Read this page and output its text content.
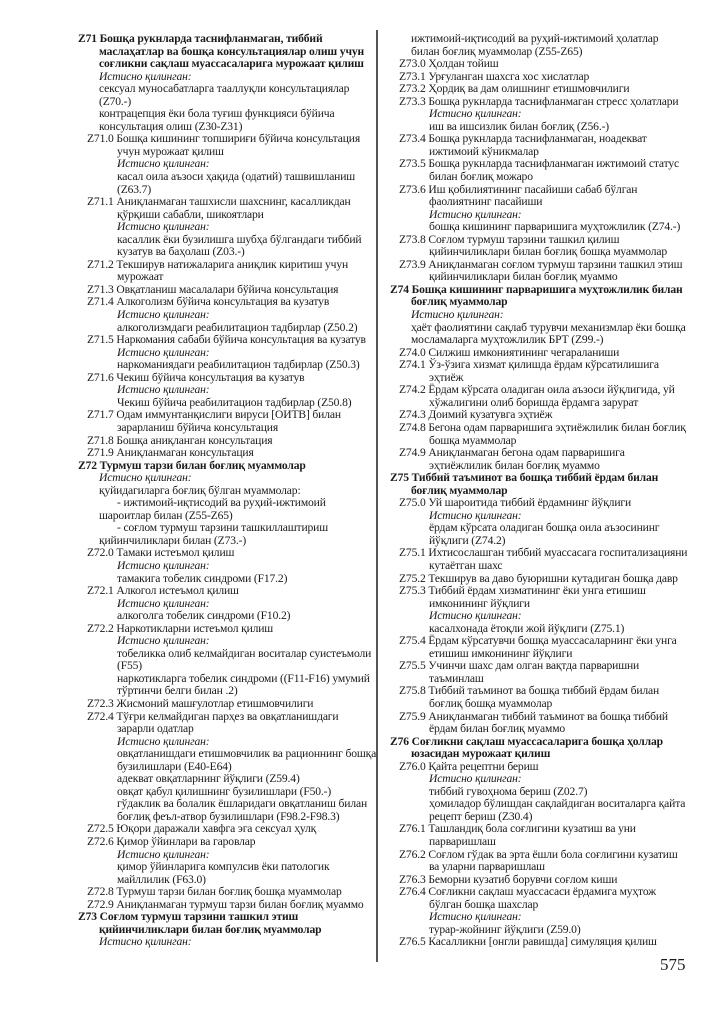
Z71 Бошқа рукнларда таснифланмаган, тиббий
маслаҳатлар ва бошқа консультациялар олиш учун
соғликни сақлаш муассасаларига мурожаат қилиш
Истисно қилинган:
сексуал муносабатларга тааллуқли консультациялар
(Z70.-)
контрацепция ёки бола туғиш функцияси бўйича
консультация олиш (Z30-Z31)
Z71.0 Бошқа кишининг топшириғи бўйича консультация
учун мурожаат қилиш
Истисно қилинган:
касал оила аъзоси ҳақида (одатий) ташвишланиш
(Z63.7)
Z71.1 Аниқланмаган ташхисли шахснинг, касалликдан
қўрқиши сабабли, шикоятлари
Истисно қилинган:
касаллик ёки бузилишга шубҳа бўлгандаги тиббий
кузатув ва баҳолаш (Z03.-)
Z71.2 Текширув натижаларига аниқлик киритиш учун
мурожаат
Z71.3 Овқатланиш масалалари бўйича консультация
Z71.4 Алкоголизм бўйича консультация ва кузатув
Истисно қилинган:
алкоголизмдаги реабилитацион тадбирлар (Z50.2)
Z71.5 Наркомания сабаби бўйича консультация ва кузатув
Истисно қилинган:
наркоманиядаги реабилитацион тадбирлар (Z50.3)
Z71.6 Чекиш бўйича консультация ва кузатув
Истисно қилинган:
Чекиш бўйича реабилитацион тадбирлар (Z50.8)
Z71.7 Одам иммунтанқислиги вируси [ОИТВ] билан
зарарланиш бўйича консультация
Z71.8 Бошқа аниқланган консультация
Z71.9 Аниқланмаган консультация
Z72 Турмуш тарзи билан боғлиқ муаммолар
Истисно қилинган:
қуйидагиларга боғлиқ бўлган муаммолар:
- ижтимоий-иқтисодий ва руҳий-ижтимоий
шароитлар билан (Z55-Z65)
- соғлом турмуш тарзини ташкиллаштириш
қийинчиликлари билан (Z73.-)
Z72.0 Тамаки истеъмол қилиш
Истисно қилинган:
тамакига тобелик синдроми (F17.2)
Z72.1 Алкогол истеъмол қилиш
Истисно қилинган:
алкоголга тобелик синдроми (F10.2)
Z72.2 Наркотикларни истеъмол қилиш
Истисно қилинган:
тобеликка олиб келмайдиган воситалар суистеъмоли
(F55)
наркотикларга тобелик синдроми ((F11-F16) умумий
тўртинчи белги билан .2)
Z72.3 Жисмоний машғулотлар етишмовчилиги
Z72.4 Тўғри келмайдиган парҳез ва овқатланишдаги
зарарли одатлар
Истисно қилинган:
овқатланишдаги етишмовчилик ва рационнинг бошқа
бузилишлари (E40-E64)
адекват овқатларнинг йўқлиги (Z59.4)
овқат қабул қилишнинг бузилишлари (F50.-)
гўдаклик ва болалик ёшларидаги овқатланиш билан
боғлиқ феъл-атвор бузилишлари (F98.2-F98.3)
Z72.5 Юқори даражали хавфга эга сексуал ҳулқ
Z72.6 Қимор ўйинлари ва гаровлар
Истисно қилинган:
қимор ўйинларига компулсив ёки патологик
майллилик (F63.0)
Z72.8 Турмуш тарзи билан боғлиқ бошқа муаммолар
Z72.9 Аниқланмаган турмуш тарзи билан боғлиқ муаммо
Z73 Соғлом турмуш тарзини ташкил этиш
қийинчиликлари билан боғлиқ муаммолар
Истисно қилинган:
ижтимоий-иқтисодий ва руҳий-ижтимоий ҳолатлар
билан боғлиқ муаммолар (Z55-Z65)
Z73.0 Ҳолдан тойиш
Z73.1 Урғуланган шахсга хос хислатлар
Z73.2 Ҳордиқ ва дам олишнинг етишмовчилиги
Z73.3 Бошқа рукнларда таснифланмаган стресс ҳолатлари
Истисно қилинган:
иш ва ишсизлик билан боғлиқ (Z56.-)
Z73.4 Бошқа рукнларда таснифланмаган, ноадекват
ижтимоий кўникмалар
Z73.5 Бошқа рукнларда таснифланмаган ижтимоий статус
билан боғлиқ можаро
Z73.6 Иш қобилиятининг пасайиши сабаб бўлган
фаолиятнинг пасайиши
Истисно қилинган:
бошқа кишининг парваришига муҳтожлилик (Z74.-)
Z73.8 Соғлом турмуш тарзини ташкил қилиш
қийинчиликлари билан боғлиқ бошқа муаммолар
Z73.9 Аниқланмаган соғлом турмуш тарзини ташкил этиш
қийинчиликлари билан боғлиқ муаммо
Z74 Бошқа кишининг парваришига муҳтожлилик билан
боғлиқ муаммолар
Истисно қилинган:
ҳаёт фаолиятини сақлаб турувчи механизмлар ёки бошқа
мосламаларга муҳтожлилик БРТ (Z99.-)
Z74.0 Силжиш имкониятининг чегараланиши
Z74.1 Ўз-ўзига хизмат қилишда ёрдам кўрсатилишига
эҳтиёж
Z74.2 Ёрдам кўрсата оладиган оила аъзоси йўқлигида, уй
хўжалигини олиб боришда ёрдамга зарурат
Z74.3 Доимий кузатувга эҳтиёж
Z74.8 Бегона одам парваришига эҳтиёжлилик билан боғлиқ
бошқа муаммолар
Z74.9 Аниқланмаган бегона одам парваришига
эҳтиёжлилик билан боғлиқ муаммо
Z75 Тиббий таъминот ва бошқа тиббий ёрдам билан
боғлиқ муаммолар
Z75.0 Уй шароитида тиббий ёрдамнинг йўқлиги
Истисно қилинган:
ёрдам кўрсата оладиган бошқа оила аъзосининг
йўқлиги (Z74.2)
Z75.1 Ихтисослашган тиббий муассасага госпитализацияни
кутаётган шахс
Z75.2 Текширув ва даво буюришни кутадиган бошқа давр
Z75.3 Тиббий ёрдам хизматининг ёки унга етишиш
имконининг йўқлиги
Истисно қилинган:
касалхонада ётоқли жой йўқлиги (Z75.1)
Z75.4 Ёрдам кўрсатувчи бошқа муассасаларнинг ёки унга
етишиш имконининг йўқлиги
Z75.5 Учинчи шахс дам олган вақтда парваришни
таъминлаш
Z75.8 Тиббий таъминот ва бошқа тиббий ёрдам билан
боғлиқ бошқа муаммолар
Z75.9 Аниқланмаган тиббий таъминот ва бошқа тиббий
ёрдам билан боғлиқ муаммо
Z76 Соғликни сақлаш муассасаларига бошқа ҳоллар
юзасидан мурожаат қилиш
Z76.0 Қайта рецептни бериш
Истисно қилинган:
тиббий гувоҳнома бериш (Z02.7)
ҳомиладор бўлишдан сақлайдиган воситаларга қайта
рецепт бериш (Z30.4)
Z76.1 Ташландиқ бола соғлигини кузатиш ва уни
парваришлаш
Z76.2 Соғлом гўдак ва эрта ёшли бола соғлигини кузатиш
ва уларни парваришлаш
Z76.3 Беморни кузатиб борувчи соғлом киши
Z76.4 Соғликни сақлаш муассасаси ёрдамига муҳтож
бўлган бошқа шахслар
Истисно қилинган:
турар-жойнинг йўқлиги (Z59.0)
Z76.5 Касалликни [онгли равишда] симуляция қилиш
575
